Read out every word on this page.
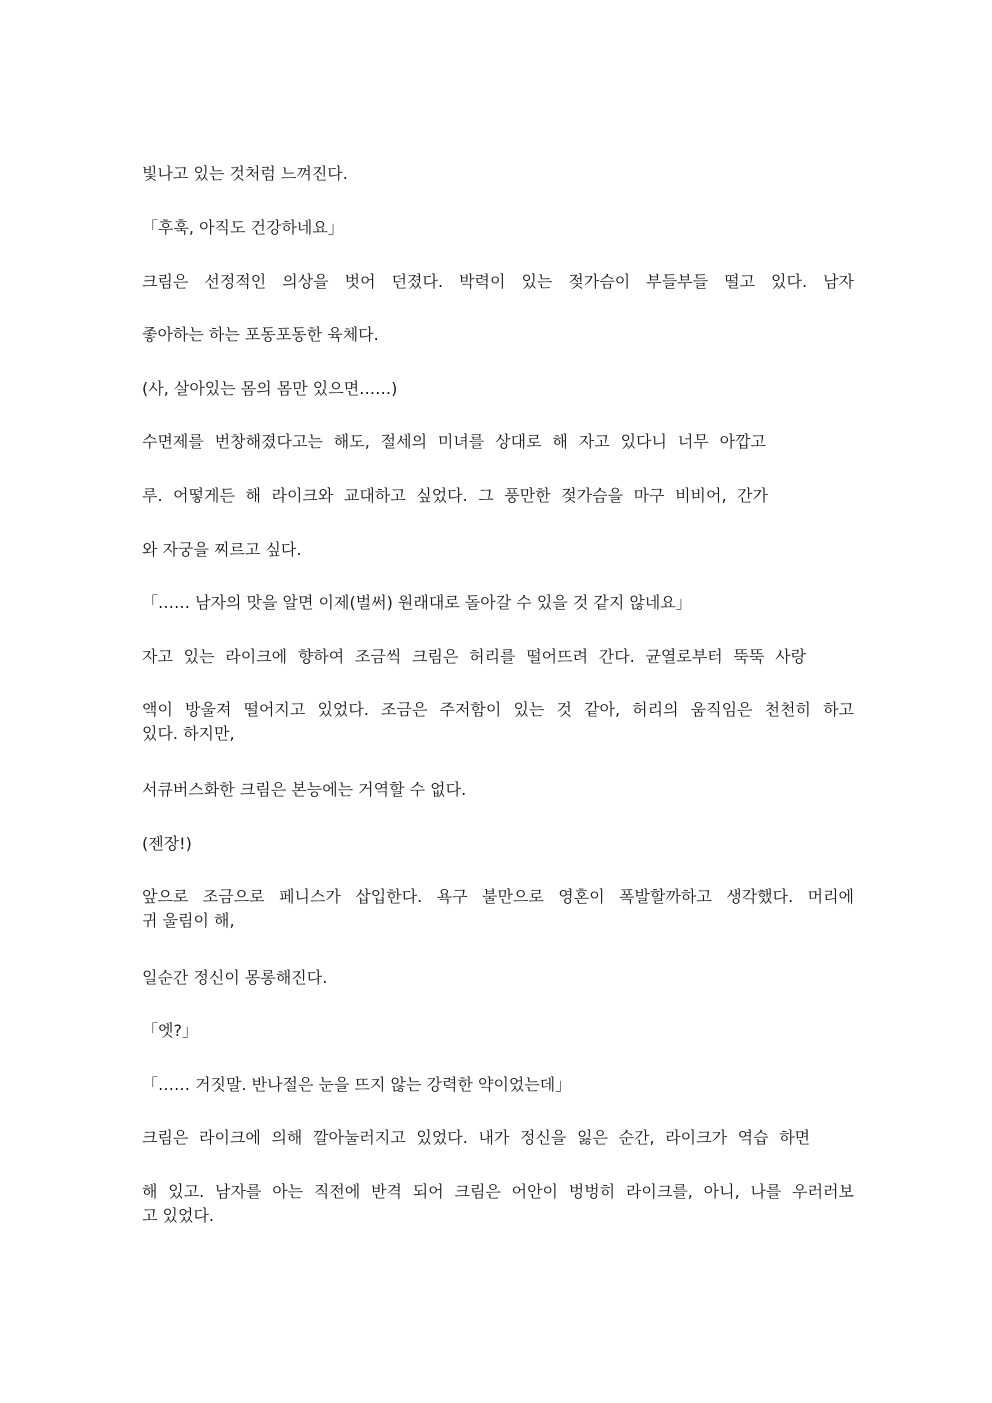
빛나고 있는 것처럼 느껴진다.

「후훅, 아직도 건강하네요」

크림은 선정적인 의상을 벗어 던졌다. 박력이 있는 젖가슴이 부들부들 떨고 있다. 남자

좋아하는 하는 포동포동한 육체다.

(사, 살아있는 몸의 몸만 있으면……)

수면제를 번창해졌다고는 해도, 절세의 미녀를 상대로 해 자고 있다니 너무 아깝고

루. 어떻게든 해 라이크와 교대하고 싶었다. 그 풍만한 젖가슴을 마구 비비어, 간가

와 자궁을 찌르고 싶다.

「…… 남자의 맛을 알면 이제(벌써) 원래대로 돌아갈 수 있을 것 같지 않네요」

자고 있는 라이크에 향하여 조금씩 크림은 허리를 떨어뜨려 간다. 균열로부터 뚝뚝 사랑

액이 방울져 떨어지고 있었다. 조금은 주저함이 있는 것 같아, 허리의 움직임은 천천히 하고
있다. 하지만,

서큐버스화한 크림은 본능에는 거역할 수 없다.

(젠장!)

앞으로 조금으로 페니스가 삽입한다. 욕구 불만으로 영혼이 폭발할까하고 생각했다. 머리에
귀 울림이 해,

일순간 정신이 몽롱해진다.

「엣?」

「…… 거짓말. 반나절은 눈을 뜨지 않는 강력한 약이었는데」

크림은 라이크에 의해 깔아눌러지고 있었다. 내가 정신을 잃은 순간, 라이크가 역습 하면

해 있고. 남자를 아는 직전에 반격 되어 크림은 어안이 벙벙히 라이크를, 아니, 나를 우러러보
고 있었다.
